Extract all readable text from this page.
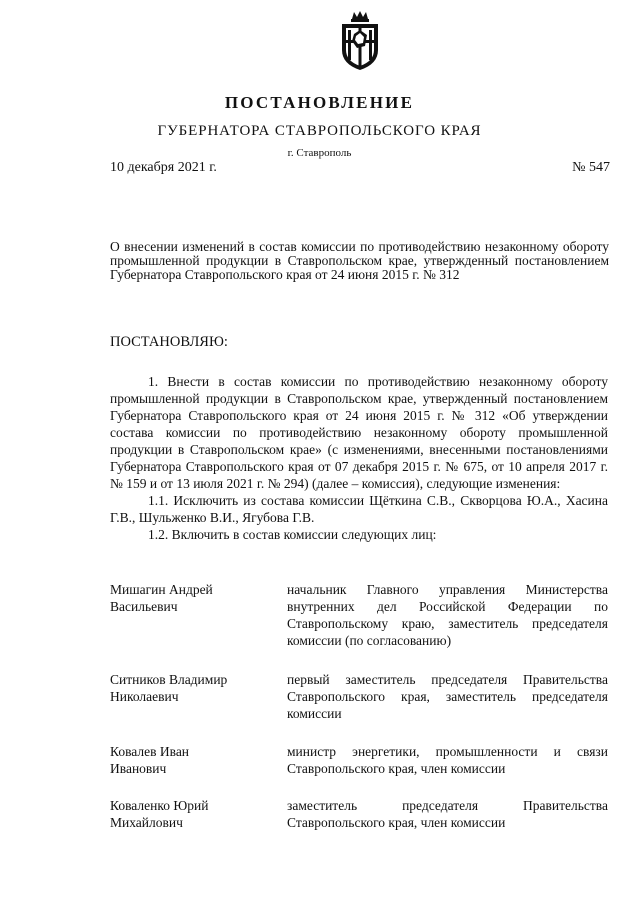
ПОСТАНОВЛЕНИЕ
ГУБЕРНАТОРА СТАВРОПОЛЬСКОГО КРАЯ
г. Ставрополь
10 декабря 2021 г.	№ 547
О внесении изменений в состав комиссии по противодействию незаконному обороту промышленной продукции в Ставропольском крае, утвержденный постановлением Губернатора Ставропольского края от 24 июня 2015 г. № 312
ПОСТАНОВЛЯЮ:

1. Внести в состав комиссии по противодействию незаконному обороту промышленной продукции в Ставропольском крае, утвержденный постановлением Губернатора Ставропольского края от 24 июня 2015 г. № 312 «Об утверждении состава комиссии по противодействию незаконному обороту промышленной продукции в Ставропольском крае» (с изменениями, внесенными постановлениями Губернатора Ставропольского края от 07 декабря 2015 г. № 675, от 10 апреля 2017 г. № 159 и от 13 июля 2021 г. № 294) (далее – комиссия), следующие изменения:

1.1. Исключить из состава комиссии Щёткина С.В., Скворцова Ю.А., Хасина Г.В., Шульженко В.И., Ягубова Г.В.

1.2. Включить в состав комиссии следующих лиц:

Мишагин Андрей
Васильевич
начальник Главного управления Министерства внутренних дел Российской Федерации по Ставропольскому краю, заместитель председателя комиссии (по согласованию)
Ситников Владимир
Николаевич
первый заместитель председателя Правительства Ставропольского края, заместитель председателя комиссии
Ковалев Иван
Иванович
министр энергетики, промышленности и связи Ставропольского края, член комиссии
Коваленко Юрий
Михайлович
заместитель председателя Правительства Ставропольского края, член комиссии
